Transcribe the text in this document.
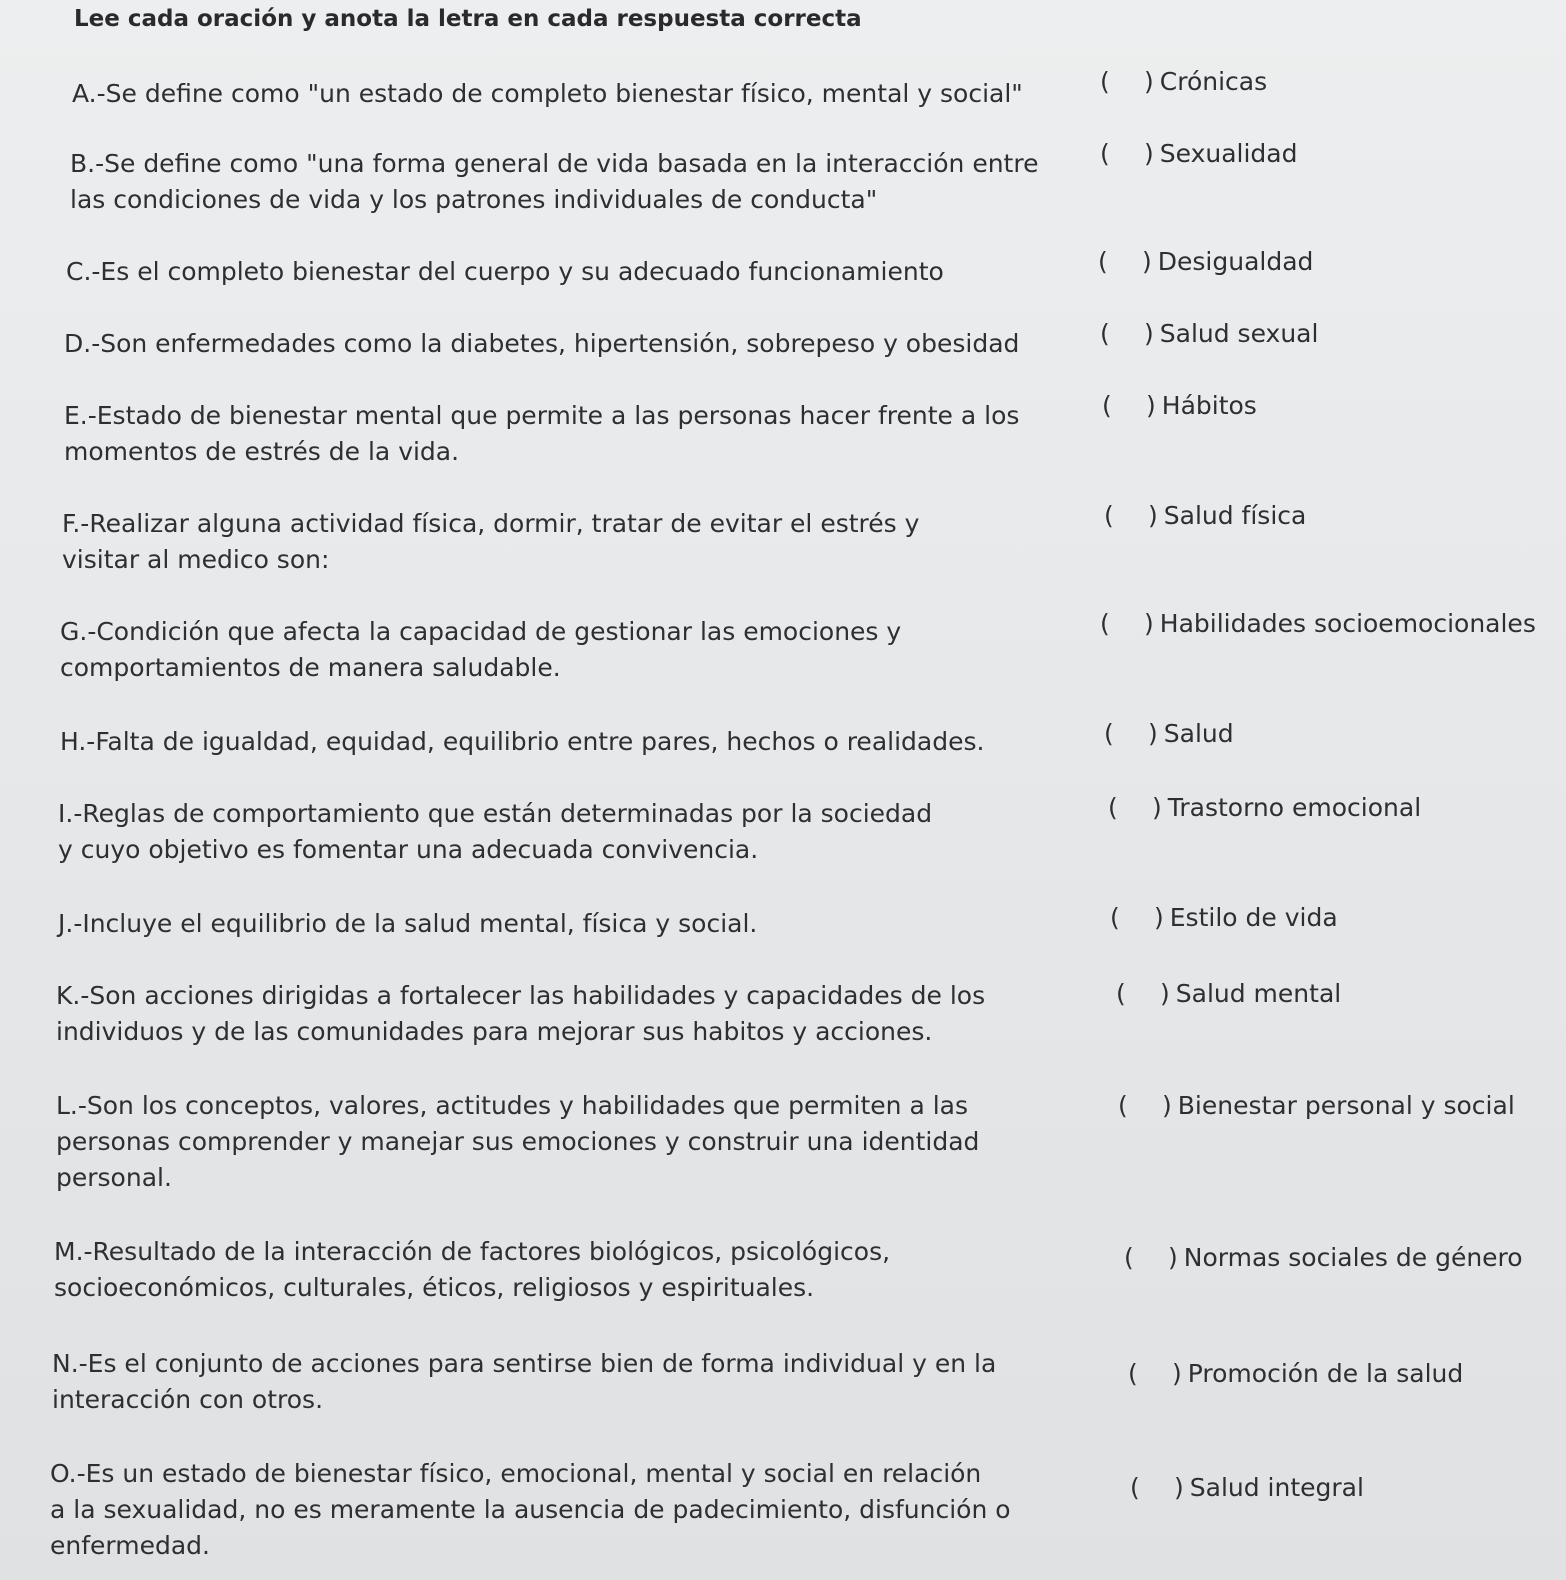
Lee cada oración y anota la letra en cada respuesta correcta
A.-Se define como "un estado de completo bienestar físico, mental y social"
B.-Se define como "una forma general de vida basada en la interacción entre
las condiciones de vida y los patrones individuales de conducta"
C.-Es el completo bienestar del cuerpo y su adecuado funcionamiento
D.-Son enfermedades como la diabetes, hipertensión, sobrepeso y obesidad
E.-Estado de bienestar mental que permite a las personas hacer frente a los
momentos de estrés de la vida.
F.-Realizar alguna actividad física, dormir, tratar de evitar el estrés y
visitar al medico son:
G.-Condición que afecta la capacidad de gestionar las emociones y
comportamientos de manera saludable.
H.-Falta de igualdad, equidad, equilibrio entre pares, hechos o realidades.
I.-Reglas de comportamiento que están determinadas por la sociedad
y cuyo objetivo es fomentar una adecuada convivencia.
J.-Incluye el equilibrio de la salud mental, física y social.
K.-Son acciones dirigidas a fortalecer las habilidades y capacidades de los
individuos y de las comunidades para mejorar sus habitos y acciones.
L.-Son los conceptos, valores, actitudes y habilidades que permiten a las
personas comprender y manejar sus emociones y construir una identidad
personal.
M.-Resultado de la interacción de factores biológicos, psicológicos,
socioeconómicos, culturales, éticos, religiosos y espirituales.
N.-Es el conjunto de acciones para sentirse bien de forma individual y en la
interacción con otros.
O.-Es un estado de bienestar físico, emocional, mental y social en relación
a la sexualidad, no es meramente la ausencia de padecimiento, disfunción o
enfermedad.
( ) Crónicas
( ) Sexualidad
( ) Desigualdad
( ) Salud sexual
( ) Hábitos
( ) Salud física
( ) Habilidades socioemocionales
( ) Salud
( ) Trastorno emocional
( ) Estilo de vida
( ) Salud mental
( ) Bienestar personal y social
( ) Normas sociales de género
( ) Promoción de la salud
( ) Salud integral
